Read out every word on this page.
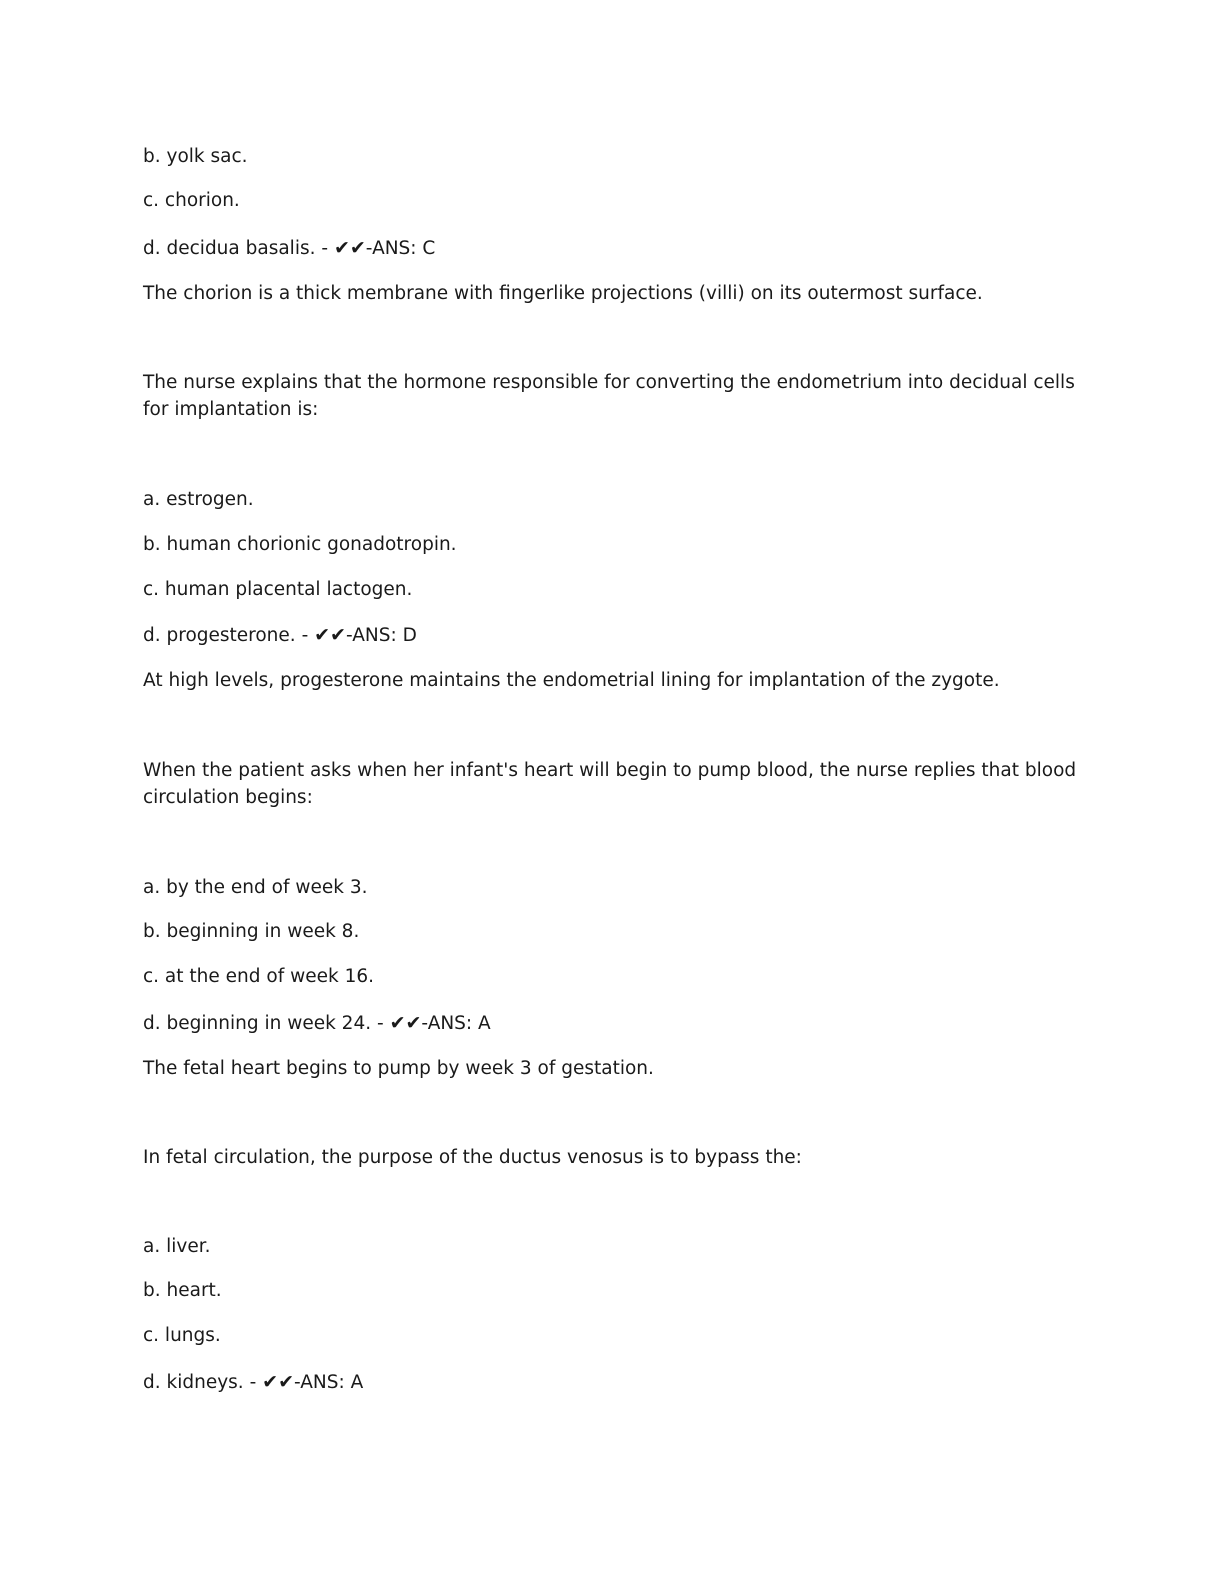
b. yolk sac.
c. chorion.
d. decidua basalis. - ✔✔-ANS: C
The chorion is a thick membrane with fingerlike projections (villi) on its outermost surface.
The nurse explains that the hormone responsible for converting the endometrium into decidual cells for implantation is:
a. estrogen.
b. human chorionic gonadotropin.
c. human placental lactogen.
d. progesterone. - ✔✔-ANS: D
At high levels, progesterone maintains the endometrial lining for implantation of the zygote.
When the patient asks when her infant's heart will begin to pump blood, the nurse replies that blood circulation begins:
a. by the end of week 3.
b. beginning in week 8.
c. at the end of week 16.
d. beginning in week 24. - ✔✔-ANS: A
The fetal heart begins to pump by week 3 of gestation.
In fetal circulation, the purpose of the ductus venosus is to bypass the:
a. liver.
b. heart.
c. lungs.
d. kidneys. - ✔✔-ANS: A
